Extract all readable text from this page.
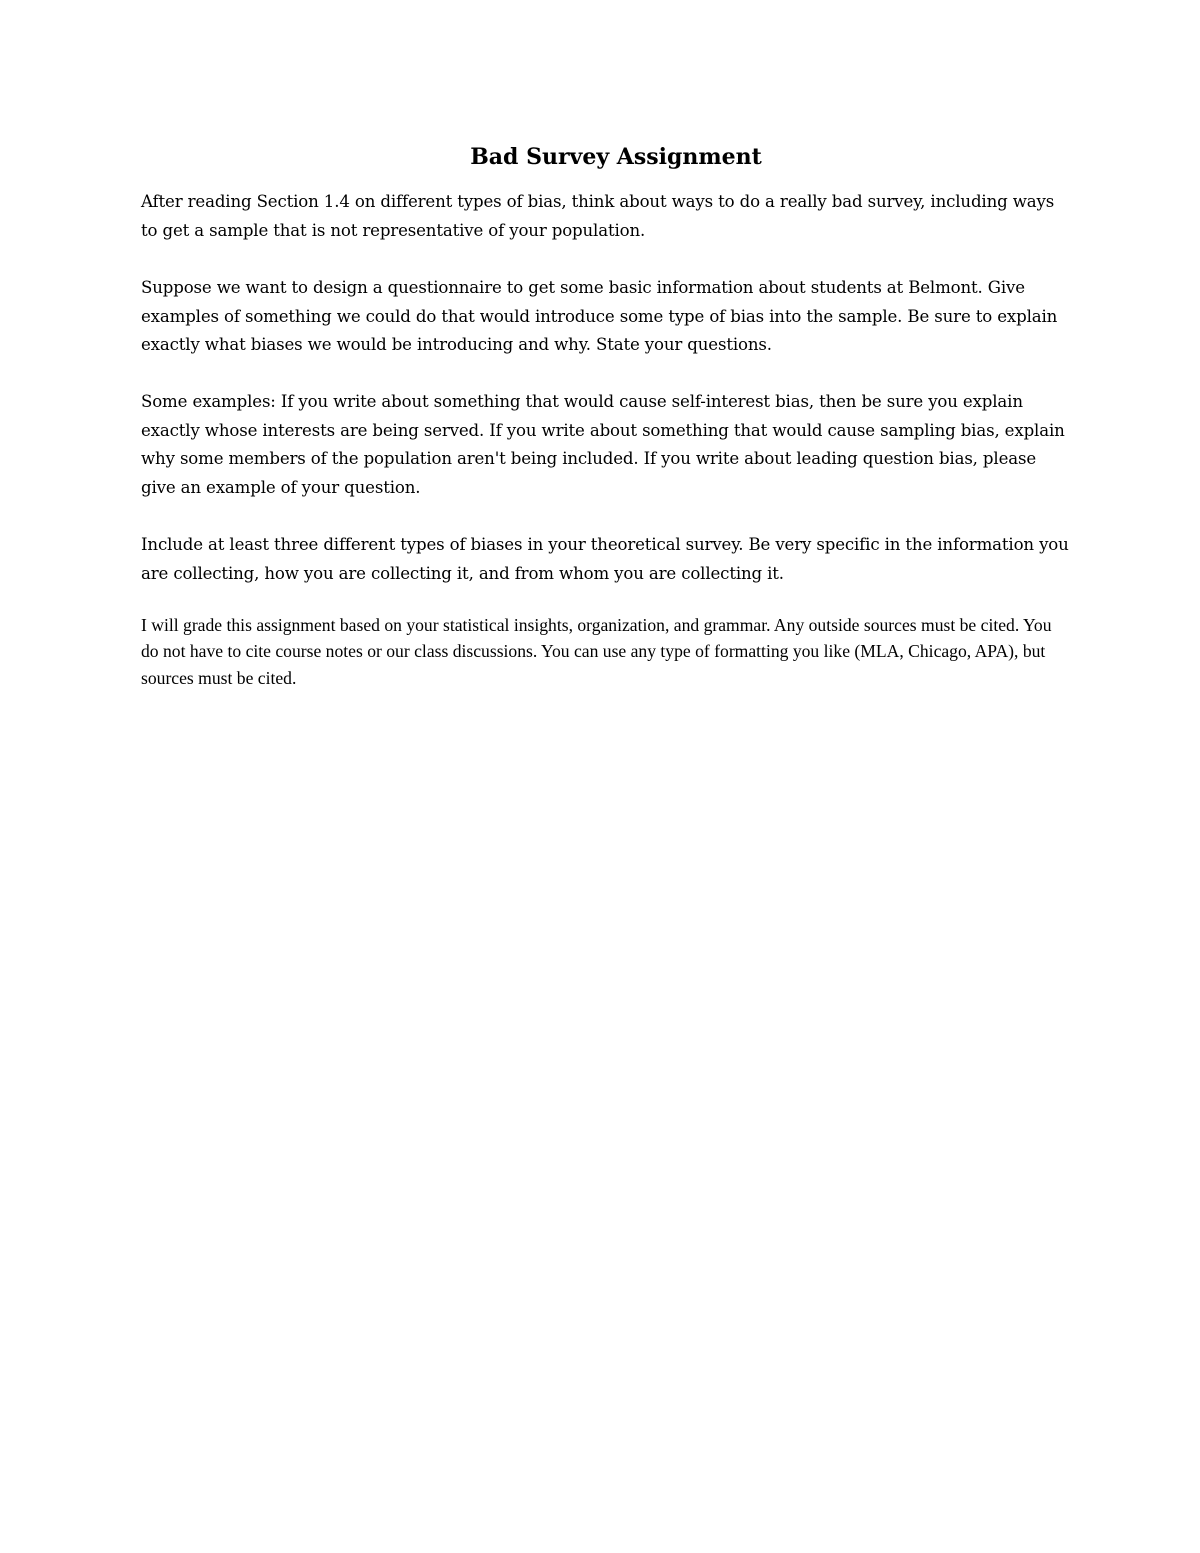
Bad Survey Assignment

After reading Section 1.4 on different types of bias, think about ways to do a really bad survey, including ways to get a sample that is not representative of your population.

Suppose we want to design a questionnaire to get some basic information about students at Belmont. Give examples of something we could do that would introduce some type of bias into the sample. Be sure to explain exactly what biases we would be introducing and why. State your questions.

Some examples: If you write about something that would cause self-interest bias, then be sure you explain exactly whose interests are being served. If you write about something that would cause sampling bias, explain why some members of the population aren't being included. If you write about leading question bias, please give an example of your question.

Include at least three different types of biases in your theoretical survey. Be very specific in the information you are collecting, how you are collecting it, and from whom you are collecting it.

I will grade this assignment based on your statistical insights, organization, and grammar. Any outside sources must be cited. You do not have to cite course notes or our class discussions. You can use any type of formatting you like (MLA, Chicago, APA), but sources must be cited.
